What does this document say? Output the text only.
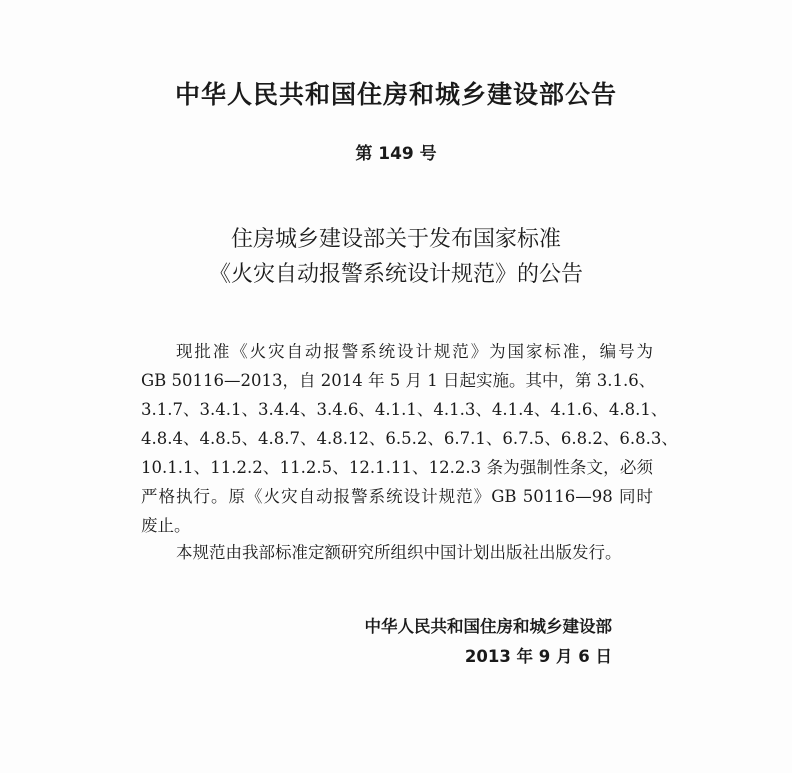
中华人民共和国住房和城乡建设部公告
第 149 号
住房城乡建设部关于发布国家标准
《火灾自动报警系统设计规范》的公告
现批准《火灾自动报警系统设计规范》为国家标准，编号为
GB 50116—2013，自 2014 年 5 月 1 日起实施。其中，第 3.1.6、
3.1.7、3.4.1、3.4.4、3.4.6、4.1.1、4.1.3、4.1.4、4.1.6、4.8.1、
4.8.4、4.8.5、4.8.7、4.8.12、6.5.2、6.7.1、6.7.5、6.8.2、6.8.3、
10.1.1、11.2.2、11.2.5、12.1.11、12.2.3 条为强制性条文，必须
严格执行。原《火灾自动报警系统设计规范》GB 50116—98 同时
废止。
本规范由我部标准定额研究所组织中国计划出版社出版发行。
中华人民共和国住房和城乡建设部
2013 年 9 月 6 日
